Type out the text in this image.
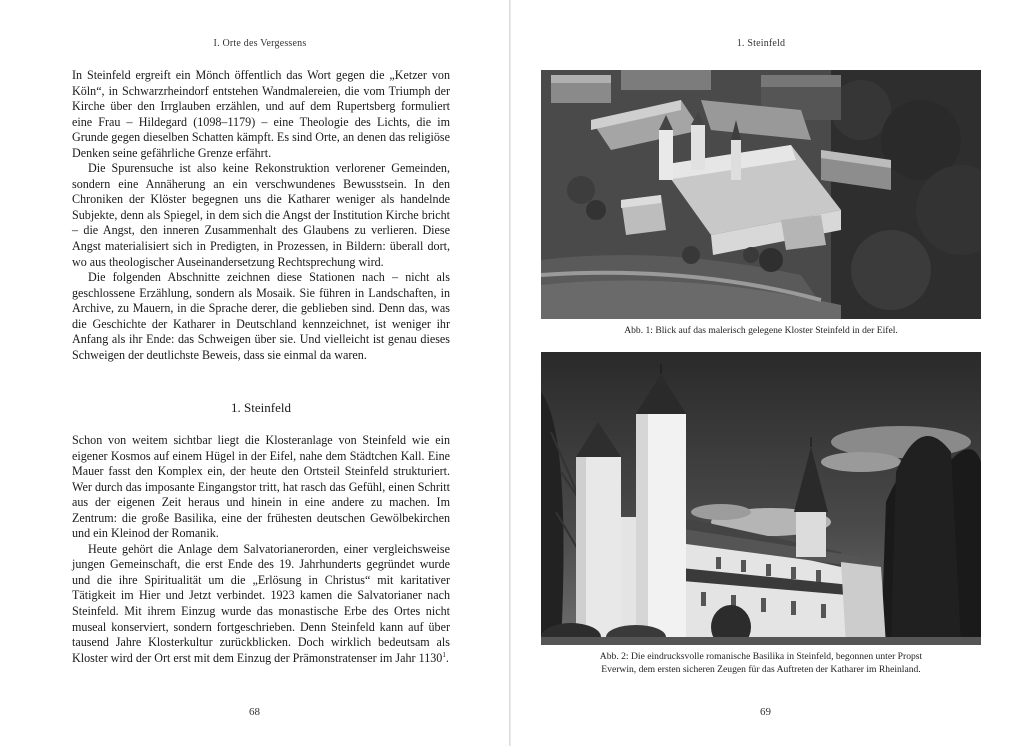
I. Orte des Vergessens

In Steinfeld ergreift ein Mönch öffentlich das Wort gegen die „Ketzer von Köln“, in Schwarzrheindorf entstehen Wandmalereien, die vom Triumph der Kirche über den Irrglauben erzählen, und auf dem Rupertsberg formuliert eine Frau – Hildegard (1098–1179) – eine Theologie des Lichts, die im Grunde gegen dieselben Schatten kämpft. Es sind Orte, an denen das religiöse Denken seine gefährliche Grenze erfährt.

Die Spurensuche ist also keine Rekonstruktion verlorener Gemeinden, sondern eine Annäherung an ein verschwundenes Bewusstsein. In den Chroniken der Klöster begegnen uns die Katharer weniger als handelnde Subjekte, denn als Spiegel, in dem sich die Angst der Institution Kirche bricht – die Angst, den inneren Zusammenhalt des Glaubens zu verlieren. Diese Angst materialisiert sich in Predigten, in Prozessen, in Bildern: überall dort, wo aus theologischer Auseinandersetzung Rechtsprechung wird.

Die folgenden Abschnitte zeichnen diese Stationen nach – nicht als geschlossene Erzählung, sondern als Mosaik. Sie führen in Landschaften, in Archive, zu Mauern, in die Sprache derer, die geblieben sind. Denn das, was die Geschichte der Katharer in Deutschland kennzeichnet, ist weniger ihr Anfang als ihr Ende: das Schweigen über sie. Und vielleicht ist genau dieses Schweigen der deutlichste Beweis, dass sie einmal da waren.

1. Steinfeld

Schon von weitem sichtbar liegt die Klosteranlage von Steinfeld wie ein eigener Kosmos auf einem Hügel in der Eifel, nahe dem Städtchen Kall. Eine Mauer fasst den Komplex ein, der heute den Ortsteil Steinfeld strukturiert. Wer durch das imposante Eingangstor tritt, hat rasch das Gefühl, einen Schritt aus der eigenen Zeit heraus und hinein in eine andere zu machen. Im Zentrum: die große Basilika, eine der frühesten deutschen Gewölbekirchen und ein Kleinod der Romanik.

Heute gehört die Anlage dem Salvatorianerorden, einer vergleichsweise jungen Gemeinschaft, die erst Ende des 19. Jahrhunderts gegründet wurde und die ihre Spiritualität um die „Erlösung in Christus“ mit karitativer Tätigkeit im Hier und Jetzt verbindet. 1923 kamen die Salvatorianer nach Steinfeld. Mit ihrem Einzug wurde das monastische Erbe des Ortes nicht museal konserviert, sondern fortgeschrieben. Denn Steinfeld kann auf über tausend Jahre Klosterkultur zurückblicken. Doch wirklich bedeutsam als Kloster wird der Ort erst mit dem Einzug der Prämonstratenser im Jahr 1130$^1$.

68
1. Steinfeld
Abb. 1: Blick auf das malerisch gelegene Kloster Steinfeld in der Eifel.
Abb. 2: Die eindrucksvolle romanische Basilika in Steinfeld, begonnen unter Propst
Everwin, dem ersten sicheren Zeugen für das Auftreten der Katharer im Rheinland.
69
